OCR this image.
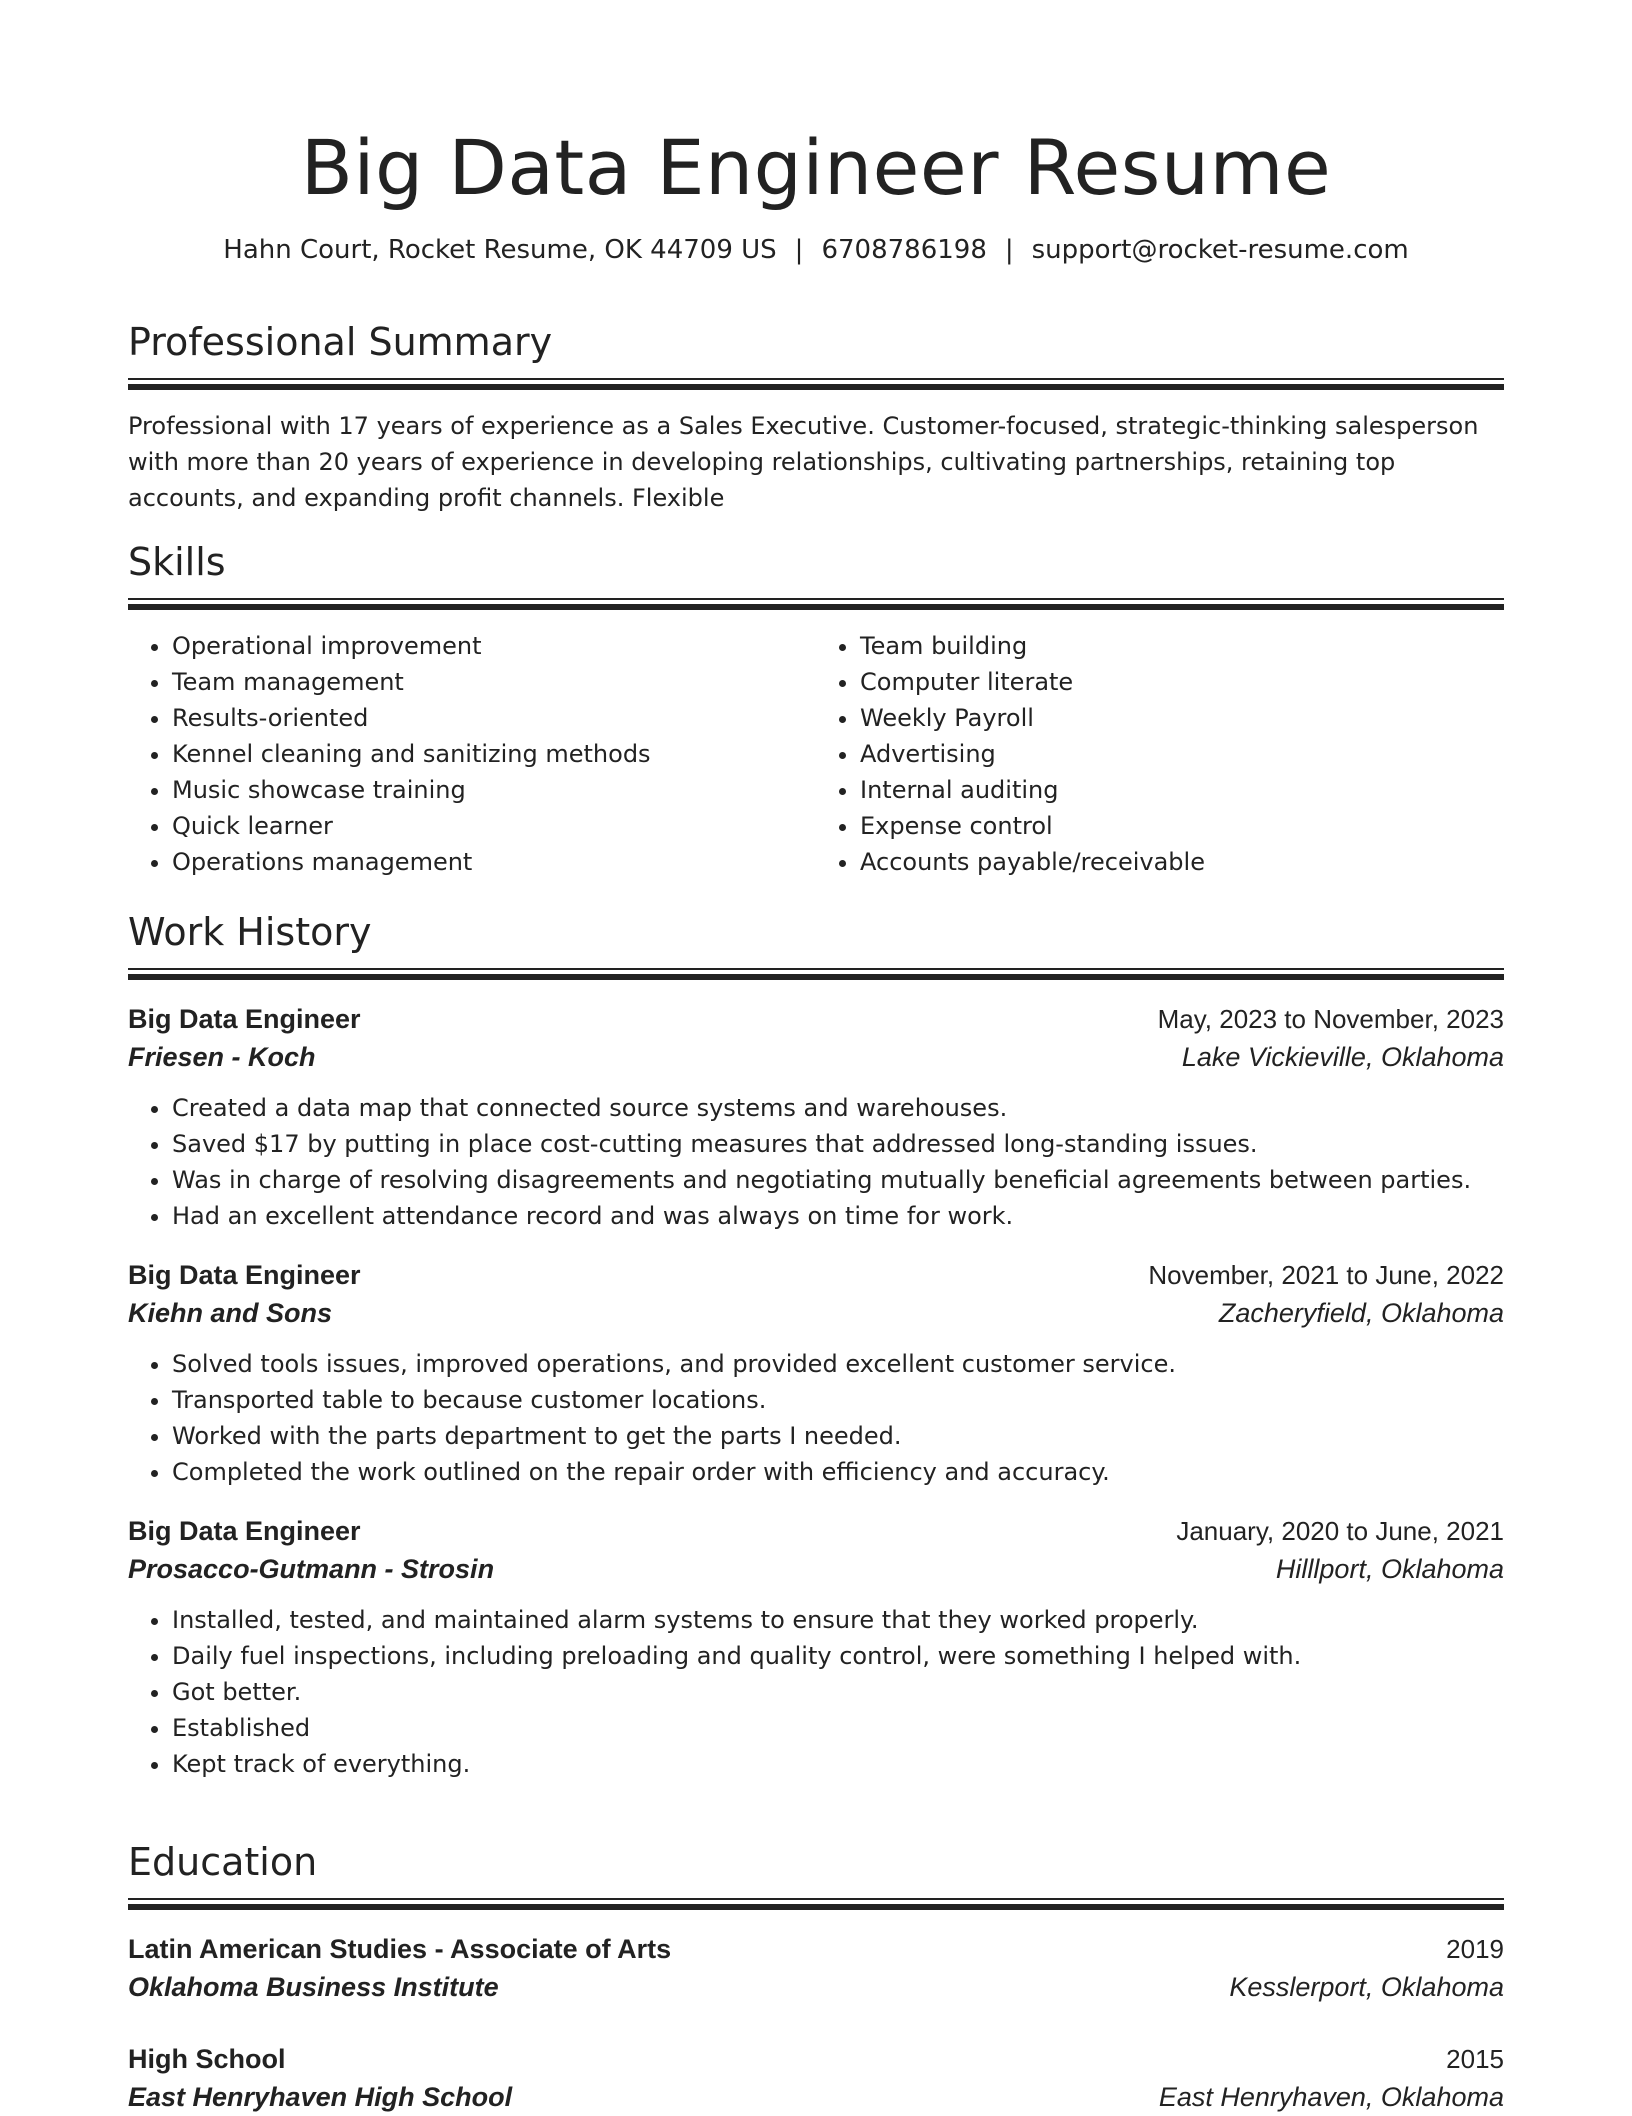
Big Data Engineer Resume
Hahn Court, Rocket Resume, OK 44709 US | 6708786198 | support@rocket-resume.com
Professional Summary
Professional with 17 years of experience as a Sales Executive. Customer-focused, strategic-thinking salesperson with more than 20 years of experience in developing relationships, cultivating partnerships, retaining top accounts, and expanding profit channels. Flexible
Skills
• Operational improvement
• Team management
• Results-oriented
• Kennel cleaning and sanitizing methods
• Music showcase training
• Quick learner
• Operations management
• Team building
• Computer literate
• Weekly Payroll
• Advertising
• Internal auditing
• Expense control
• Accounts payable/receivable
Work History
Big Data Engineer	May, 2023 to November, 2023
Friesen - Koch	Lake Vickieville, Oklahoma
• Created a data map that connected source systems and warehouses.
• Saved $17 by putting in place cost-cutting measures that addressed long-standing issues.
• Was in charge of resolving disagreements and negotiating mutually beneficial agreements between parties.
• Had an excellent attendance record and was always on time for work.
Big Data Engineer	November, 2021 to June, 2022
Kiehn and Sons	Zacheryfield, Oklahoma
• Solved tools issues, improved operations, and provided excellent customer service.
• Transported table to because customer locations.
• Worked with the parts department to get the parts I needed.
• Completed the work outlined on the repair order with efficiency and accuracy.
Big Data Engineer	January, 2020 to June, 2021
Prosacco-Gutmann - Strosin	Hilllport, Oklahoma
• Installed, tested, and maintained alarm systems to ensure that they worked properly.
• Daily fuel inspections, including preloading and quality control, were something I helped with.
• Got better.
• Established
• Kept track of everything.
Education
Latin American Studies - Associate of Arts	2019
Oklahoma Business Institute	Kesslerport, Oklahoma
High School	2015
East Henryhaven High School	East Henryhaven, Oklahoma
